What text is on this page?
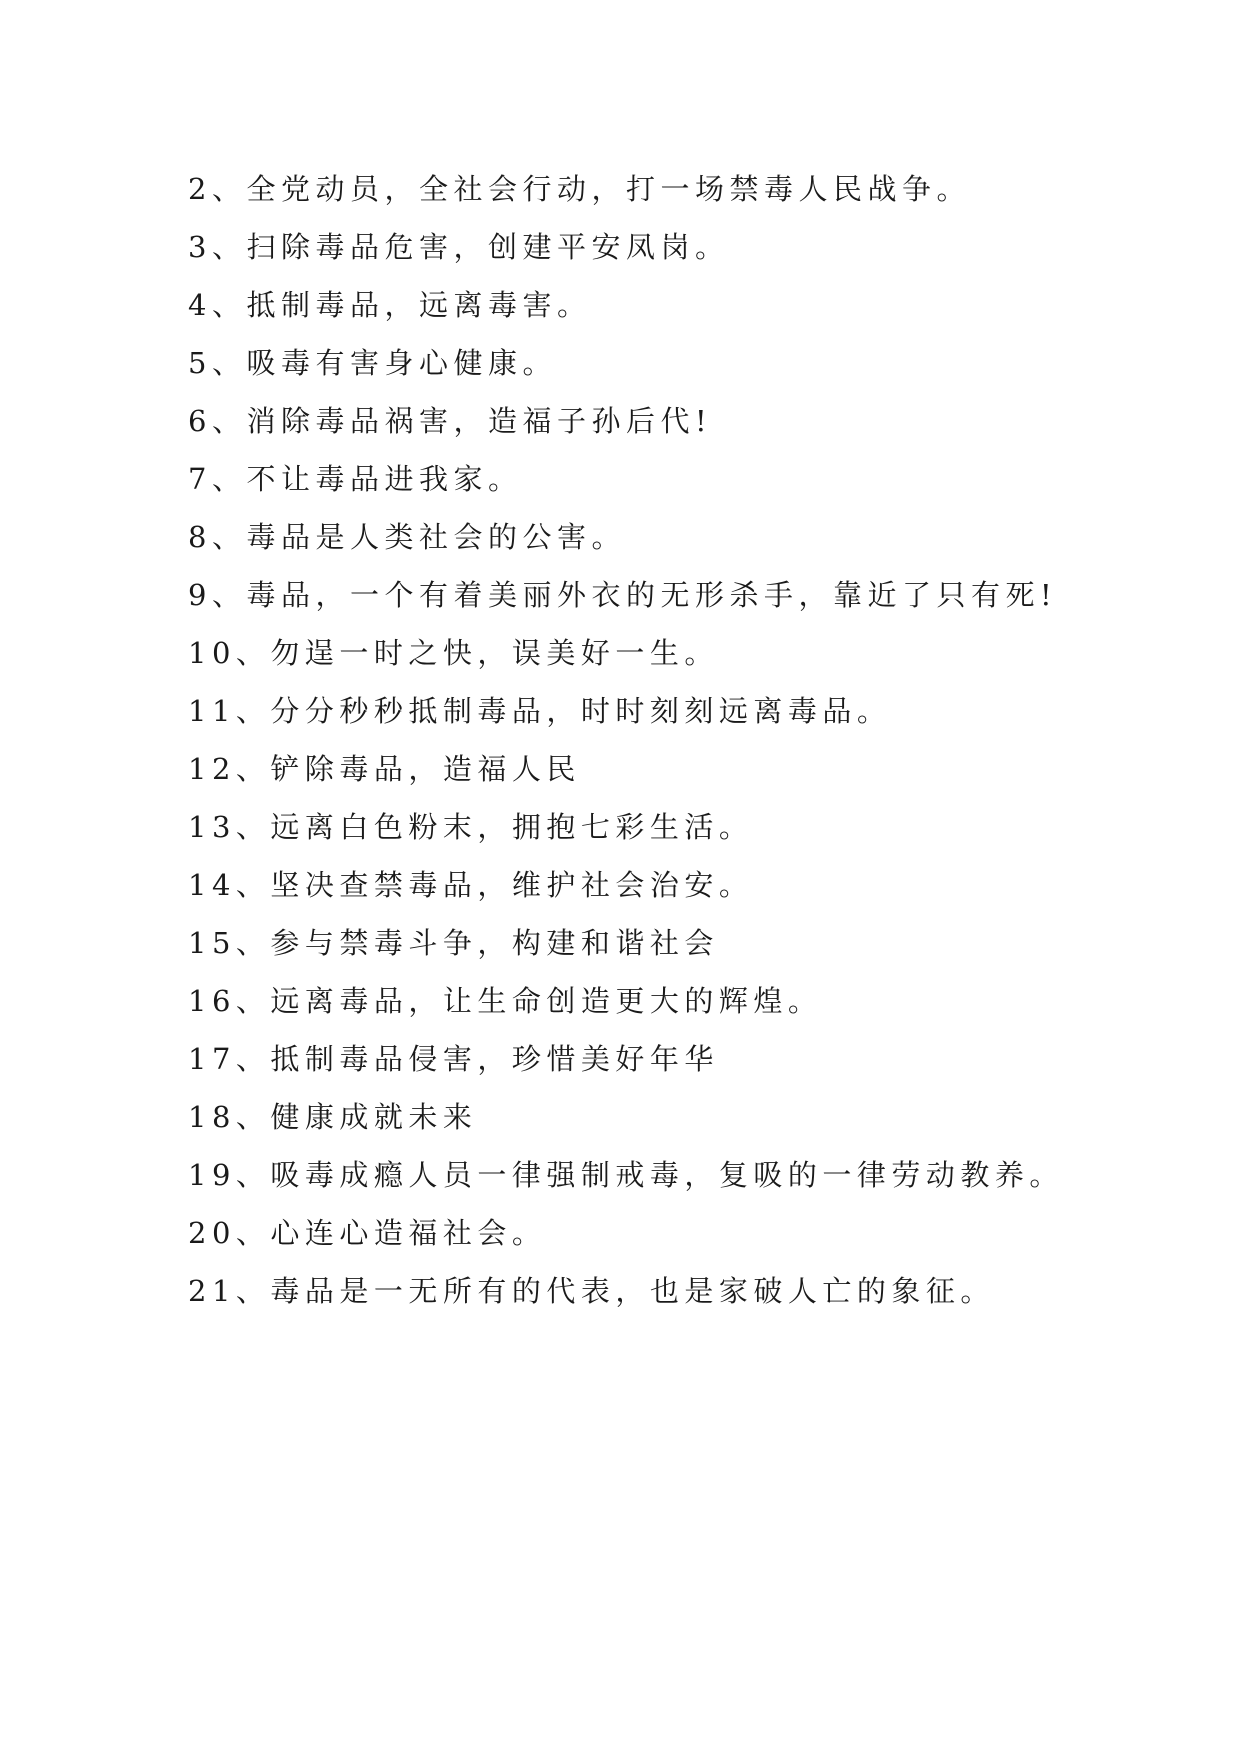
2、全党动员，全社会行动，打一场禁毒人民战争。
3、扫除毒品危害，创建平安凤岗。
4、抵制毒品，远离毒害。
5、吸毒有害身心健康。
6、消除毒品祸害，造福子孙后代!
7、不让毒品进我家。
8、毒品是人类社会的公害。
9、毒品，一个有着美丽外衣的无形杀手，靠近了只有死!
10、勿逞一时之快，误美好一生。
11、分分秒秒抵制毒品，时时刻刻远离毒品。
12、铲除毒品，造福人民
13、远离白色粉末，拥抱七彩生活。
14、坚决查禁毒品，维护社会治安。
15、参与禁毒斗争，构建和谐社会
16、远离毒品，让生命创造更大的辉煌。
17、抵制毒品侵害，珍惜美好年华
18、健康成就未来
19、吸毒成瘾人员一律强制戒毒，复吸的一律劳动教养。
20、心连心造福社会。
21、毒品是一无所有的代表，也是家破人亡的象征。
